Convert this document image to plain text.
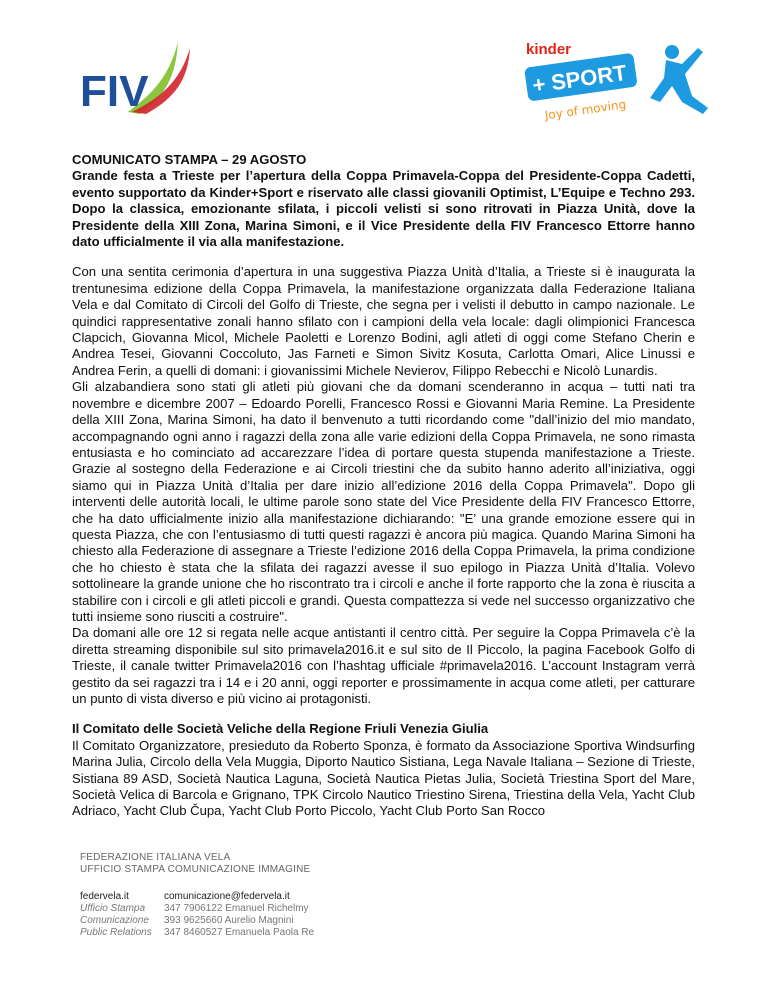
FIV
kinder
+ SPORT
Joy of moving

COMUNICATO STAMPA – 29 AGOSTO

Grande festa a Trieste per l’apertura della Coppa Primavela-Coppa del Presidente-Coppa Cadetti, evento supportato da Kinder+Sport e riservato alle classi giovanili Optimist, L’Equipe e Techno 293. Dopo la classica, emozionante sfilata, i piccoli velisti si sono ritrovati in Piazza Unità, dove la Presidente della XIII Zona, Marina Simoni, e il Vice Presidente della FIV Francesco Ettorre hanno dato ufficialmente il via alla manifestazione.

Con una sentita cerimonia d’apertura in una suggestiva Piazza Unità d’Italia, a Trieste si è inaugurata la trentunesima edizione della Coppa Primavela, la manifestazione organizzata dalla Federazione Italiana Vela e dal Comitato di Circoli del Golfo di Trieste, che segna per i velisti il debutto in campo nazionale. Le quindici rappresentative zonali hanno sfilato con i campioni della vela locale: dagli olimpionici Francesca Clapcich, Giovanna Micol, Michele Paoletti e Lorenzo Bodini, agli atleti di oggi come Stefano Cherin e Andrea Tesei, Giovanni Coccoluto, Jas Farneti e Simon Sivitz Kosuta, Carlotta Omari, Alice Linussi e Andrea Ferin, a quelli di domani: i giovanissimi Michele Nevierov, Filippo Rebecchi e Nicolò Lunardis.

Gli alzabandiera sono stati gli atleti più giovani che da domani scenderanno in acqua – tutti nati tra novembre e dicembre 2007 – Edoardo Porelli, Francesco Rossi e Giovanni Maria Remine. La Presidente della XIII Zona, Marina Simoni, ha dato il benvenuto a tutti ricordando come "dall’inizio del mio mandato, accompagnando ogni anno i ragazzi della zona alle varie edizioni della Coppa Primavela, ne sono rimasta entusiasta e ho cominciato ad accarezzare l’idea di portare questa stupenda manifestazione a Trieste. Grazie al sostegno della Federazione e ai Circoli triestini che da subito hanno aderito all’iniziativa, oggi siamo qui in Piazza Unità d’Italia per dare inizio all’edizione 2016 della Coppa Primavela". Dopo gli interventi delle autorità locali, le ultime parole sono state del Vice Presidente della FIV Francesco Ettorre, che ha dato ufficialmente inizio alla manifestazione dichiarando: "E’ una grande emozione essere qui in questa Piazza, che con l’entusiasmo di tutti questi ragazzi è ancora più magica. Quando Marina Simoni ha chiesto alla Federazione di assegnare a Trieste l’edizione 2016 della Coppa Primavela, la prima condizione che ho chiesto è stata che la sfilata dei ragazzi avesse il suo epilogo in Piazza Unità d’Italia. Volevo sottolineare la grande unione che ho riscontrato tra i circoli e anche il forte rapporto che la zona è riuscita a stabilire con i circoli e gli atleti piccoli e grandi. Questa compattezza si vede nel successo organizzativo che tutti insieme sono riusciti a costruire".

Da domani alle ore 12 si regata nelle acque antistanti il centro città. Per seguire la Coppa Primavela c’è la diretta streaming disponibile sul sito primavela2016.it e sul sito de Il Piccolo, la pagina Facebook Golfo di Trieste, il canale twitter Primavela2016 con l’hashtag ufficiale #primavela2016. L’account Instagram verrà gestito da sei ragazzi tra i 14 e i 20 anni, oggi reporter e prossimamente in acqua come atleti, per catturare un punto di vista diverso e più vicino ai protagonisti.

Il Comitato delle Società Veliche della Regione Friuli Venezia Giulia

Il Comitato Organizzatore, presieduto da Roberto Sponza, è formato da Associazione Sportiva Windsurfing Marina Julia, Circolo della Vela Muggia, Diporto Nautico Sistiana, Lega Navale Italiana – Sezione di Trieste, Sistiana 89 ASD, Società Nautica Laguna, Società Nautica Pietas Julia, Società Triestina Sport del Mare, Società Velica di Barcola e Grignano, TPK Circolo Nautico Triestino Sirena, Triestina della Vela, Yacht Club Adriaco, Yacht Club Čupa, Yacht Club Porto Piccolo, Yacht Club Porto San Rocco

FEDERAZIONE ITALIANA VELA
UFFICIO STAMPA COMUNICAZIONE IMMAGINE
federvela.it	comunicazione@federvela.it
Ufficio Stampa	347 7906122 Emanuel Richelmy
Comunicazione	393 9625660 Aurelio Magnini
Public Relations	347 8460527 Emanuela Paola Re
